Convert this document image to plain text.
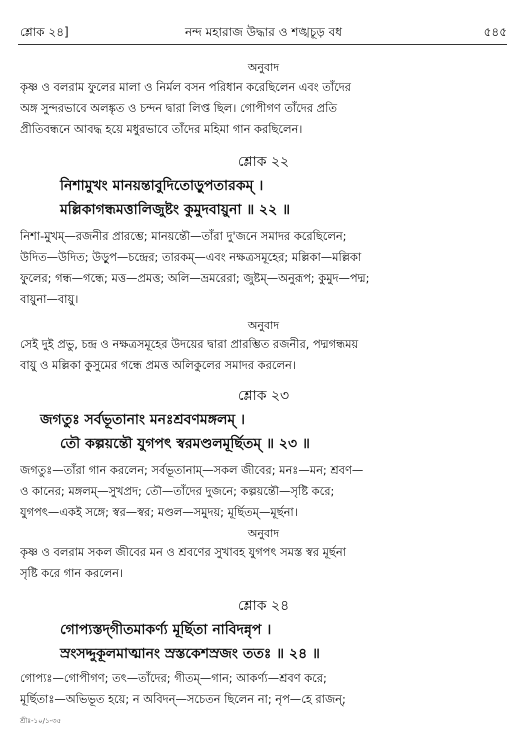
শ্লোক ২৪]	নন্দ মহারাজ উদ্ধার ও শঙ্খচূড় বধ	৫৪৫
অনুবাদ
কৃষ্ণ ও বলরাম ফুলের মালা ও নির্মল বসন পরিধান করেছিলেন এবং তাঁদের
অঙ্গ সুন্দরভাবে অলঙ্কৃত ও চন্দন দ্বারা লিপ্ত ছিল। গোপীগণ তাঁদের প্রতি
প্রীতিবন্ধনে আবদ্ধ হয়ে মধুরভাবে তাঁদের মহিমা গান করছিলেন।
শ্লোক ২২
নিশামুখং মানয়ন্তাবুদিতোড়ুপতারকম্ ।
মল্লিকাগন্ধমত্তালিজুষ্টং কুমুদবায়ুনা ॥ ২২ ॥
নিশা-মুখম্—রজনীর প্রারম্ভে; মানয়ন্তৌ—তাঁরা দু'জনে সমাদর করেছিলেন;
উদিত—উদিত; উড়ুপ—চন্দ্রের; তারকম্—এবং নক্ষত্রসমূহের; মল্লিকা—মল্লিকা
ফুলের; গন্ধ—গন্ধে; মত্ত—প্রমত্ত; অলি—ভ্রমরেরা; জুষ্টম্—অনুরূপ; কুমুদ—পদ্ম;
বায়ুনা—বায়ু।
অনুবাদ
সেই দুই প্রভু, চন্দ্র ও নক্ষত্রসমূহের উদয়ের দ্বারা প্রারম্ভিত রজনীর, পদ্মগন্ধময়
বায়ু ও মল্লিকা কুসুমের গন্ধে প্রমত্ত অলিকুলের সমাদর করলেন।
শ্লোক ২৩
জগতুঃ সর্বভূতানাং মনঃশ্রবণমঙ্গলম্ ।
তৌ কল্পয়ন্তৌ যুগপৎ স্বরমণ্ডলমূর্ছিতম্ ॥ ২৩ ॥
জগতুঃ—তাঁরা গান করলেন; সর্বভূতানাম্—সকল জীবের; মনঃ—মন; শ্রবণ—
ও কানের; মঙ্গলম্—সুখপ্রদ; তৌ—তাঁদের দুজনে; কল্পয়ন্তৌ—সৃষ্টি করে;
যুগপৎ—একই সঙ্গে; স্বর—স্বর; মণ্ডল—সমুদয়; মূর্ছিতম্—মূর্ছনা।
অনুবাদ
কৃষ্ণ ও বলরাম সকল জীবের মন ও শ্রবণের সুখাবহ যুগপৎ সমস্ত স্বর মূর্ছনা
সৃষ্টি করে গান করলেন।
শ্লোক ২৪
গোপ্যস্তদ্‌গীতমাকর্ণ্য মূর্ছিতা নাবিদন্নৃপ ।
স্রংসদ্দুকূলমাত্মানং স্রস্তকেশস্রজং ততঃ ॥ ২৪ ॥
গোপ্যঃ—গোপীগণ; তৎ—তাঁদের; গীতম্—গান; আকর্ণ্য—শ্রবণ করে;
মূর্ছিতাঃ—অভিভূত হয়ে; ন অবিদন্—সচেতন ছিলেন না; নৃপ—হে রাজন্;
শ্রীঃ-১০/১-৩৫
